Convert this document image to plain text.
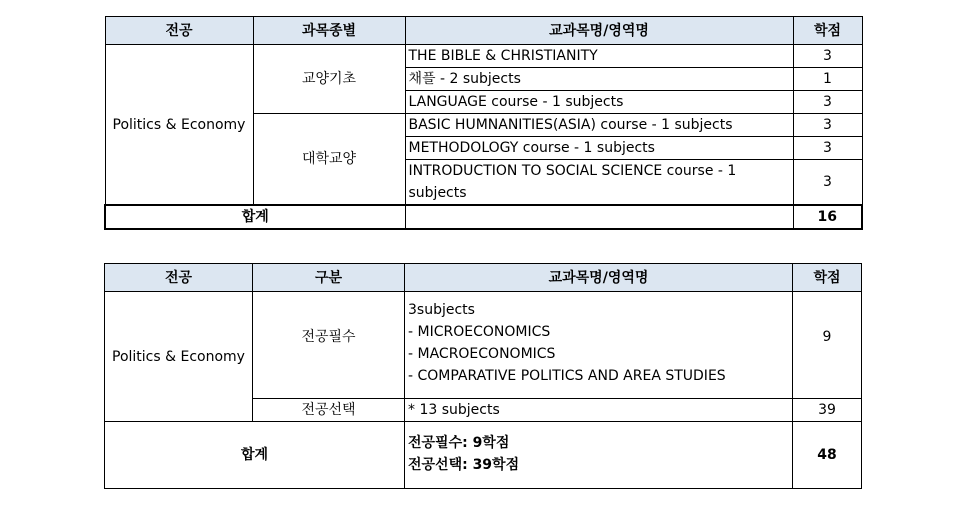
전공	과목종별	교과목명/영역명	학점
Politics & Economy	교양기초	THE BIBLE & CHRISTIANITY	3
		채플 - 2 subjects	1
		LANGUAGE course - 1 subjects	3
	대학교양	BASIC HUMNANITIES(ASIA) course - 1 subjects	3
		METHODOLOGY course - 1 subjects	3
		INTRODUCTION TO SOCIAL SCIENCE course - 1 subjects	3
합계			16
전공	구분	교과목명/영역명	학점
Politics & Economy	전공필수	3subjects
- MICROECONOMICS
- MACROECONOMICS
- COMPARATIVE POLITICS AND AREA STUDIES	9
	전공선택	* 13 subjects	39
합계		전공필수: 9학점
전공선택: 39학점	48
